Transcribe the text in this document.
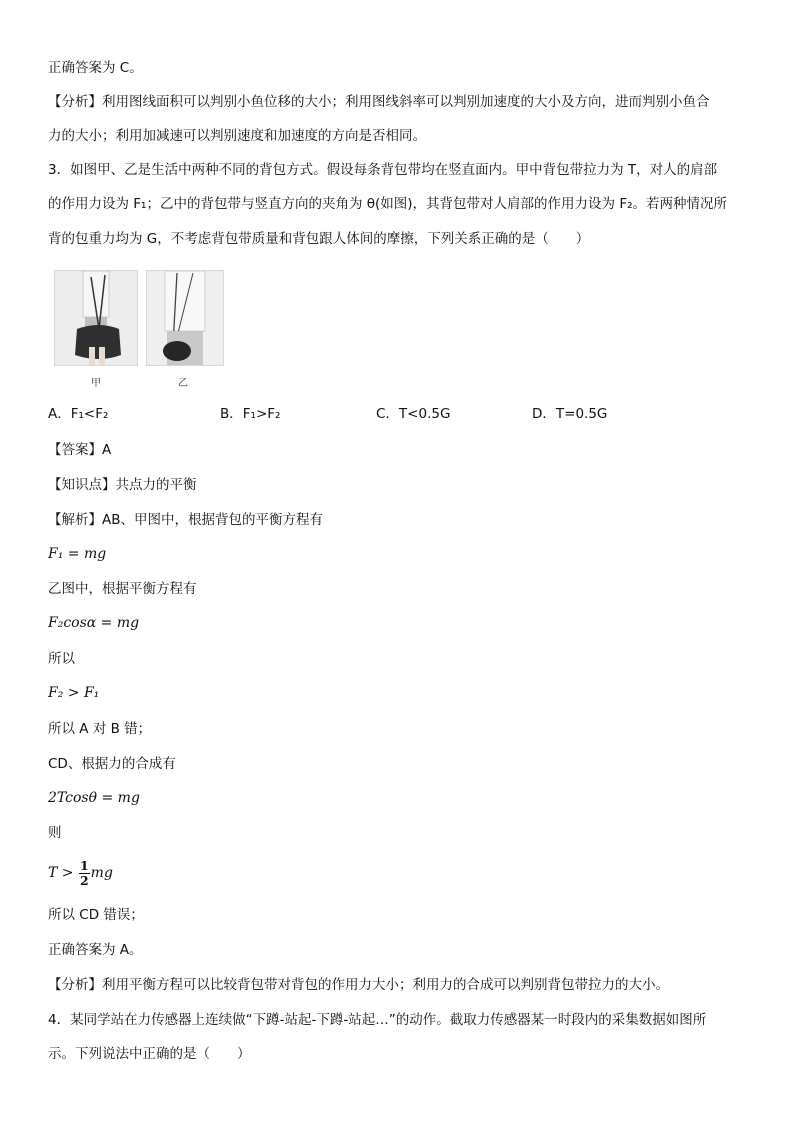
正确答案为 C。
【分析】利用图线面积可以判别小鱼位移的大小；利用图线斜率可以判别加速度的大小及方向，进而判别小鱼合
力的大小；利用加减速可以判别速度和加速度的方向是否相同。
3．如图甲、乙是生活中两种不同的背包方式。假设每条背包带均在竖直面内。甲中背包带拉力为 T，对人的肩部
的作用力设为 F₁；乙中的背包带与竖直方向的夹角为 θ(如图)，其背包带对人肩部的作用力设为 F₂。若两种情况所
背的包重力均为 G，不考虑背包带质量和背包跟人体间的摩擦，下列关系正确的是（　　）
甲	乙
A．F₁<F₂	B．F₁>F₂	C．T<0.5G	D．T=0.5G
【答案】A
【知识点】共点力的平衡
【解析】AB、甲图中，根据背包的平衡方程有
F₁ = mg
乙图中，根据平衡方程有
F₂cosα = mg
所以
F₂ > F₁
所以 A 对 B 错；
CD、根据力的合成有
2Tcosθ = mg
则
$T > \frac{1}{2}$ mg
所以 CD 错误；
正确答案为 A。
【分析】利用平衡方程可以比较背包带对背包的作用力大小；利用力的合成可以判别背包带拉力的大小。
4．某同学站在力传感器上连续做“下蹲-站起-下蹲-站起…”的动作。截取力传感器某一时段内的采集数据如图所
示。下列说法中正确的是（　　）
